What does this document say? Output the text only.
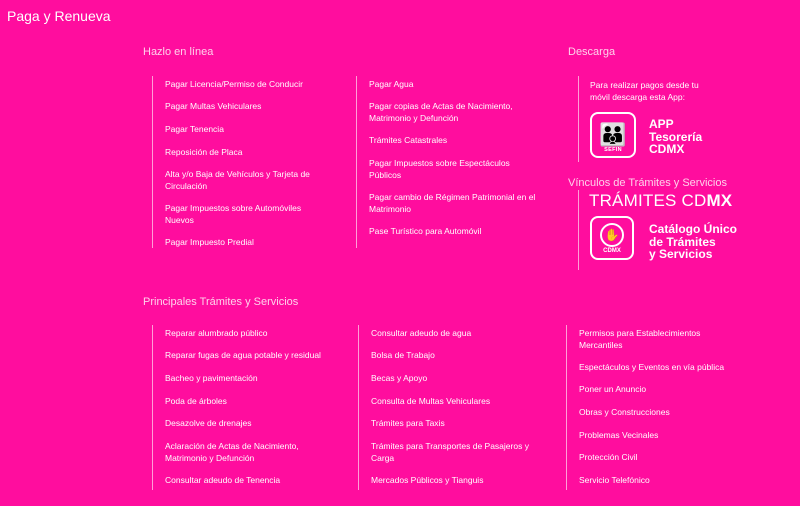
Paga y Renueva
Hazlo en línea
Pagar Licencia/Permiso de Conducir
Pagar Multas Vehiculares
Pagar Tenencia
Reposición de Placa
Alta y/o Baja de Vehículos y Tarjeta de Circulación
Pagar Impuestos sobre Automóviles Nuevos
Pagar Impuesto Predial
Pagar Agua
Pagar copias de Actas de Nacimiento, Matrimonio y Defunción
Trámites Catastrales
Pagar Impuestos sobre Espectáculos Públicos
Pagar cambio de Régimen Patrimonial en el Matrimonio
Pase Turístico para Automóvil
Descarga
Para realizar pagos desde tu móvil descarga esta App:
👪
SEFIN
APP
Tesorería
CDMX
Vínculos de Trámites y Servicios
TRÁMITES CDMX
✋
CDMX
Catálogo Único
de Trámites
y Servicios
Principales Trámites y Servicios
Reparar alumbrado público
Reparar fugas de agua potable y residual
Bacheo y pavimentación
Poda de árboles
Desazolve de drenajes
Aclaración de Actas de Nacimiento, Matrimonio y Defunción
Consultar adeudo de Tenencia
Consultar adeudo de agua
Bolsa de Trabajo
Becas y Apoyo
Consulta de Multas Vehiculares
Trámites para Taxis
Trámites para Transportes de Pasajeros y Carga
Mercados Públicos y Tianguis
Permisos para Establecimientos Mercantiles
Espectáculos y Eventos en vía pública
Poner un Anuncio
Obras y Construcciones
Problemas Vecinales
Protección Civil
Servicio Telefónico
